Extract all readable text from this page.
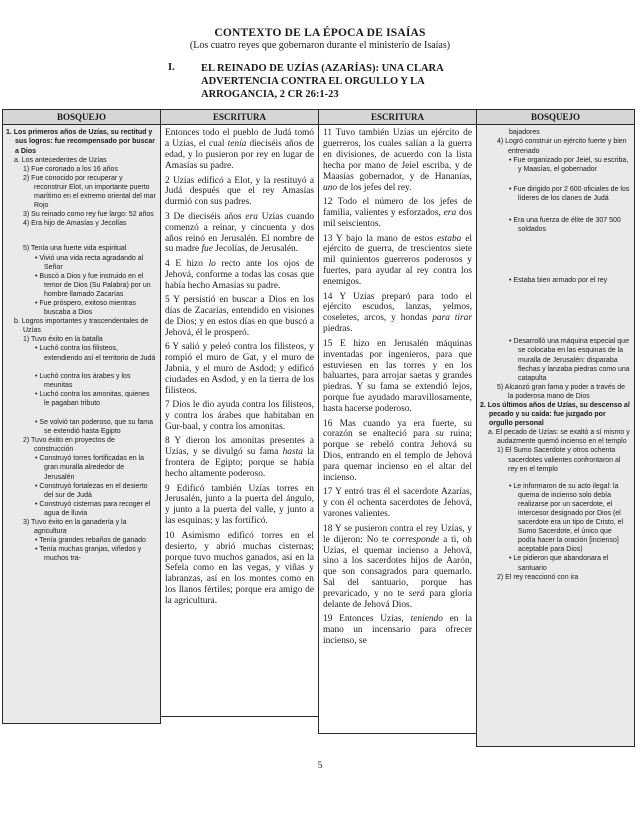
CONTEXTO DE LA ÉPOCA DE ISAÍAS
(Los cuatro reyes que gobernaron durante el ministerio de Isaías)
I.	EL REINADO DE UZÍAS (AZARÍAS): UNA CLARA ADVERTENCIA CONTRA EL ORGULLO Y LA ARROGANCIA, 2 CR 26:1-23
BOSQUEJO
1. Los primeros años de Uzías, su rectitud y sus logros: fue recompensado por buscar a Dios
a. Los antecedentes de Uzías
1) Fue coronado a los 16 años
2) Fue conocido por recuperar y reconstruir Elot, un importante puerto marítimo en el extremo oriental del mar Rojo
3) Su reinado como rey fue largo: 52 años
4) Era hijo de Amasías y Jecolías
5) Tenía una fuerte vida espiritual
• Vivió una vida recta agradando al Señor
• Buscó a Dios y fue instruido en el temor de Dios (Su Palabra) por un hombre llamado Zacarías
• Fue próspero, exitoso mientras buscaba a Dios
b. Logros importantes y trascendentales de Uzías
1) Tuvo éxito en la batalla
• Luchó contra los filisteos, extendiendo así el territorio de Judá
• Luchó contra los árabes y los meunitas
• Luchó contra los amonitas, quienes le pagaban tributo
• Se volvió tan poderoso, que su fama se extendió hasta Egipto
2) Tuvo éxito en proyectos de construcción
• Construyó torres fortificadas en la gran muralla alrededor de Jerusalén
• Construyó fortalezas en el desierto del sur de Judá
• Construyó cisternas para recoger el agua de lluvia
3) Tuvo éxito en la ganadería y la agricultura
• Tenía grandes rebaños de ganado
• Tenía muchas granjas, viñedos y muchos tra-
ESCRITURA

Entonces todo el pueblo de Judá tomó a Uzías, el cual tenía dieciséis años de edad, y lo pusieron por rey en lugar de Amasías su padre.

2 Uzías edificó a Elot, y la restituyó a Judá después que el rey Amasías durmió con sus padres.

3 De dieciséis años era Uzías cuando comenzó a reinar, y cincuenta y dos años reinó en Jerusalén. El nombre de su madre fue Jecolías, de Jerusalén.

4 E hizo lo recto ante los ojos de Jehová, conforme a todas las cosas que había hecho Amasías su padre.

5 Y persistió en buscar a Dios en los días de Zacarías, entendido en visiones de Dios; y en estos días en que buscó a Jehová, él le prosperó.

6 Y salió y peleó contra los filisteos, y rompió el muro de Gat, y el muro de Jabnia, y el muro de Asdod; y edificó ciudades en Asdod, y en la tierra de los filisteos.

7 Dios le dio ayuda contra los filisteos, y contra los árabes que habitaban en Gur-baal, y contra los amonitas.

8 Y dieron los amonitas presentes a Uzías, y se divulgó su fama hasta la frontera de Egipto; porque se había hecho altamente poderoso.

9 Edificó también Uzías torres en Jerusalén, junto a la puerta del ángulo, y junto a la puerta del valle, y junto a las esquinas; y las fortificó.

10 Asimismo edificó torres en el desierto, y abrió muchas cisternas; porque tuvo muchos ganados, así en la Sefela como en las vegas, y viñas y labranzas, así en los montes como en los llanos fértiles; porque era amigo de la agricultura.

ESCRITURA

11 Tuvo también Uzías un ejército de guerreros, los cuales salían a la guerra en divisiones, de acuerdo con la lista hecha por mano de Jeiel escriba, y de Maasías gobernador, y de Hananías, uno de los jefes del rey.

12 Todo el número de los jefes de familia, valientes y esforzados, era dos mil seiscientos.

13 Y bajo la mano de estos estaba el ejército de guerra, de trescientos siete mil quinientos guerreros poderosos y fuertes, para ayudar al rey contra los enemigos.

14 Y Uzías preparó para todo el ejército escudos, lanzas, yelmos, coseletes, arcos, y hondas para tirar piedras.

15 E hizo en Jerusalén máquinas inventadas por ingenieros, para que estuviesen en las torres y en los baluartes, para arrojar saetas y grandes piedras. Y su fama se extendió lejos, porque fue ayudado maravillosamente, hasta hacerse poderoso.

16 Mas cuando ya era fuerte, su corazón se enalteció para su ruina; porque se rebeló contra Jehová su Dios, entrando en el templo de Jehová para quemar incienso en el altar del incienso.

17 Y entró tras él el sacerdote Azarías, y con él ochenta sacerdotes de Jehová, varones valientes.

18 Y se pusieron contra el rey Uzías, y le dijeron: No te corresponde a ti, oh Uzías, el quemar incienso a Jehová, sino a los sacerdotes hijos de Aarón, que son consagrados para quemarlo. Sal del santuario, porque has prevaricado, y no te será para gloria delante de Jehová Dios.

19 Entonces Uzías, teniendo en la mano un incensario para ofrecer incienso, se

BOSQUEJO
bajadores
4) Logró construir un ejército fuerte y bien entrenado
• Fue organizado por Jeiel, su escriba, y Maasías, el gobernador
• Fue dirigido por 2 600 oficiales de los líderes de los clanes de Judá
• Era una fuerza de élite de 307 500 soldados
• Estaba bien armado por el rey
• Desarrolló una máquina especial que se colocaba en las esquinas de la muralla de Jerusalén: disparaba flechas y lanzaba piedras como una catapulta
5) Alcanzó gran fama y poder a través de la poderosa mano de Dios
2. Los últimos años de Uzías, su descenso al pecado y su caída: fue juzgado por orgullo personal
a. El pecado de Uzías: se exaltó a sí mismo y audazmente quemó incienso en el templo
1) El Sumo Sacerdote y otros ochenta sacerdotes valientes confrontaron al rey en el templo
• Le informaron de su acto ilegal: la quema de incienso solo debía realizarse por un sacerdote, el intercesor designado por Dios (el sacerdote era un tipo de Cristo, el Sumo Sacerdote, el único que podía hacer la oración [incienso] aceptable para Dios)
• Le pidieron que abandonara el santuario
2) El rey reaccionó con ira
5
